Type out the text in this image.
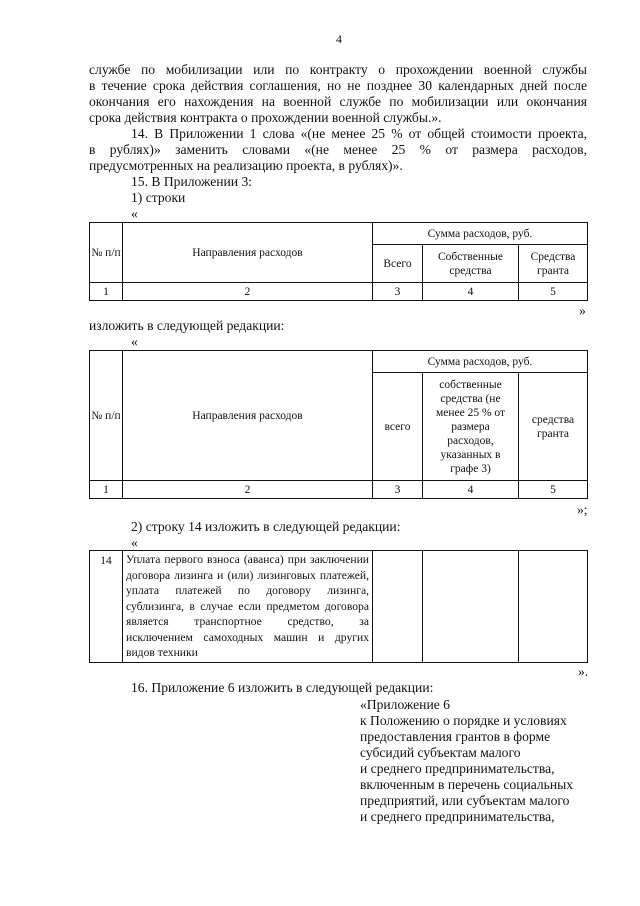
4
службе по мобилизации или по контракту о прохождении военной службы
в течение срока действия соглашения, но не позднее 30 календарных дней после
окончания его нахождения на военной службе по мобилизации или окончания
срока действия контракта о прохождении военной службы.».
14. В Приложении 1 слова «(не менее 25 % от общей стоимости проекта,
в рублях)» заменить словами «(не менее 25 % от размера расходов,
предусмотренных на реализацию проекта, в рублях)».
15. В Приложении 3:
1) строки
«
№ п/п	Направления расходов	Сумма расходов, руб.		
		Всего	Собственные средства	Средства гранта
1	2	3	4	5
»
изложить в следующей редакции:
«
№ п/п	Направления расходов	Сумма расходов, руб.		
		всего	собственные средства (не менее 25 % от размера расходов, указанных в графе 3)	средства гранта
1	2	3	4	5
»;
2) строку 14 изложить в следующей редакции:
«
14	Уплата первого взноса (аванса) при заключении договора лизинга и (или) лизинговых платежей, уплата платежей по договору лизинга, сублизинга, в случае если предметом договора является транспортное средство, за исключением самоходных машин и других видов техники			
».
16. Приложение 6 изложить в следующей редакции:
«Приложение 6
к Положению о порядке и условиях
предоставления грантов в форме
субсидий субъектам малого
и среднего предпринимательства,
включенным в перечень социальных
предприятий, или субъектам малого
и среднего предпринимательства,
